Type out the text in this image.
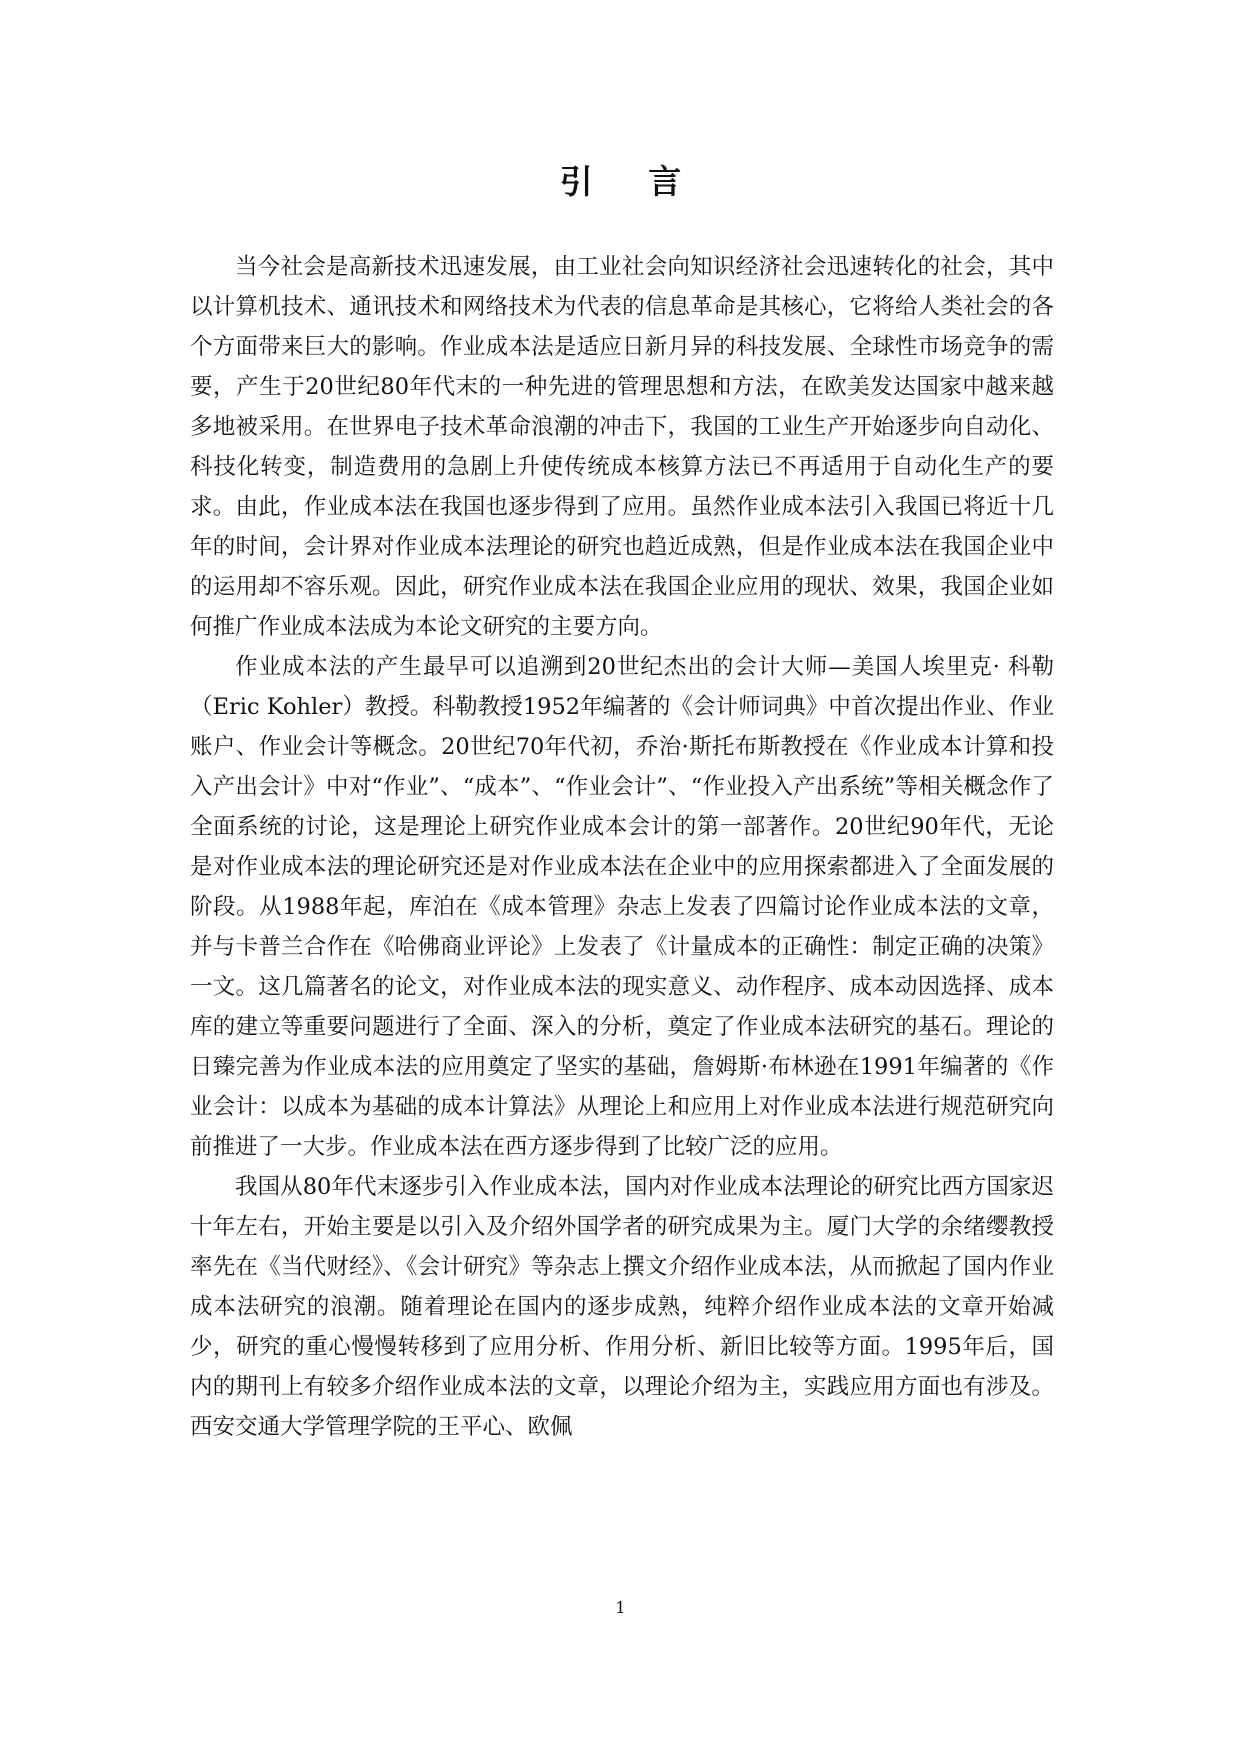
引 言

当今社会是高新技术迅速发展，由工业社会向知识经济社会迅速转化的社会，其中以计算机技术、通讯技术和网络技术为代表的信息革命是其核心，它将给人类社会的各个方面带来巨大的影响。作业成本法是适应日新月异的科技发展、全球性市场竞争的需要，产生于20世纪80年代末的一种先进的管理思想和方法，在欧美发达国家中越来越多地被采用。在世界电子技术革命浪潮的冲击下，我国的工业生产开始逐步向自动化、科技化转变，制造费用的急剧上升使传统成本核算方法已不再适用于自动化生产的要求。由此，作业成本法在我国也逐步得到了应用。虽然作业成本法引入我国已将近十几年的时间，会计界对作业成本法理论的研究也趋近成熟，但是作业成本法在我国企业中的运用却不容乐观。因此，研究作业成本法在我国企业应用的现状、效果，我国企业如何推广作业成本法成为本论文研究的主要方向。

作业成本法的产生最早可以追溯到20世纪杰出的会计大师—美国人埃里克· 科勒（Eric Kohler）教授。科勒教授1952年编著的《会计师词典》中首次提出作业、作业账户、作业会计等概念。20世纪70年代初，乔治·斯托布斯教授在《作业成本计算和投入产出会计》中对“作业”、“成本”、“作业会计”、“作业投入产出系统”等相关概念作了全面系统的讨论，这是理论上研究作业成本会计的第一部著作。20世纪90年代，无论是对作业成本法的理论研究还是对作业成本法在企业中的应用探索都进入了全面发展的阶段。从1988年起，库泊在《成本管理》杂志上发表了四篇讨论作业成本法的文章，并与卡普兰合作在《哈佛商业评论》上发表了《计量成本的正确性：制定正确的决策》一文。这几篇著名的论文，对作业成本法的现实意义、动作程序、成本动因选择、成本库的建立等重要问题进行了全面、深入的分析，奠定了作业成本法研究的基石。理论的日臻完善为作业成本法的应用奠定了坚实的基础，詹姆斯·布林逊在1991年编著的《作业会计：以成本为基础的成本计算法》从理论上和应用上对作业成本法进行规范研究向前推进了一大步。作业成本法在西方逐步得到了比较广泛的应用。

我国从80年代末逐步引入作业成本法，国内对作业成本法理论的研究比西方国家迟十年左右，开始主要是以引入及介绍外国学者的研究成果为主。厦门大学的余绪缨教授率先在《当代财经》、《会计研究》等杂志上撰文介绍作业成本法，从而掀起了国内作业成本法研究的浪潮。随着理论在国内的逐步成熟，纯粹介绍作业成本法的文章开始减少，研究的重心慢慢转移到了应用分析、作用分析、新旧比较等方面。1995年后，国内的期刊上有较多介绍作业成本法的文章，以理论介绍为主，实践应用方面也有涉及。西安交通大学管理学院的王平心、欧佩

1
